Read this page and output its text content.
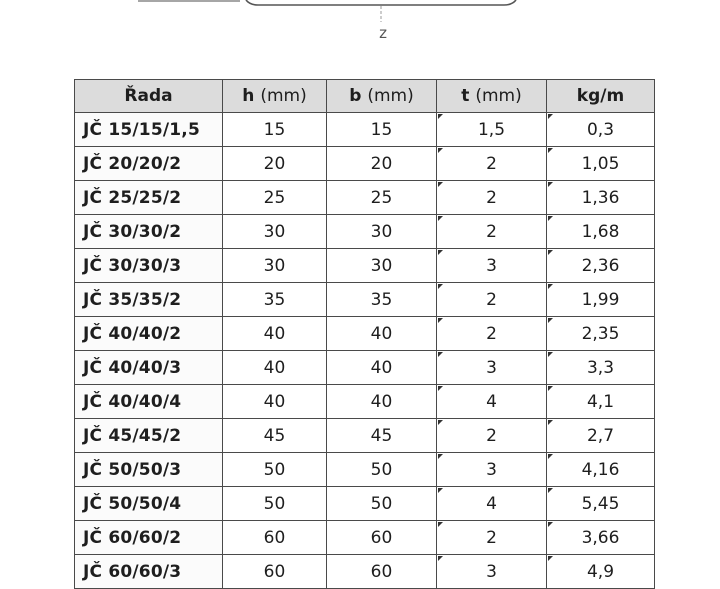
z
Řada	h (mm)	b (mm)	t (mm)	kg/m
JČ 15/15/1,5	15	15	1,5	0,3
JČ 20/20/2	20	20	2	1,05
JČ 25/25/2	25	25	2	1,36
JČ 30/30/2	30	30	2	1,68
JČ 30/30/3	30	30	3	2,36
JČ 35/35/2	35	35	2	1,99
JČ 40/40/2	40	40	2	2,35
JČ 40/40/3	40	40	3	3,3
JČ 40/40/4	40	40	4	4,1
JČ 45/45/2	45	45	2	2,7
JČ 50/50/3	50	50	3	4,16
JČ 50/50/4	50	50	4	5,45
JČ 60/60/2	60	60	2	3,66
JČ 60/60/3	60	60	3	4,9
